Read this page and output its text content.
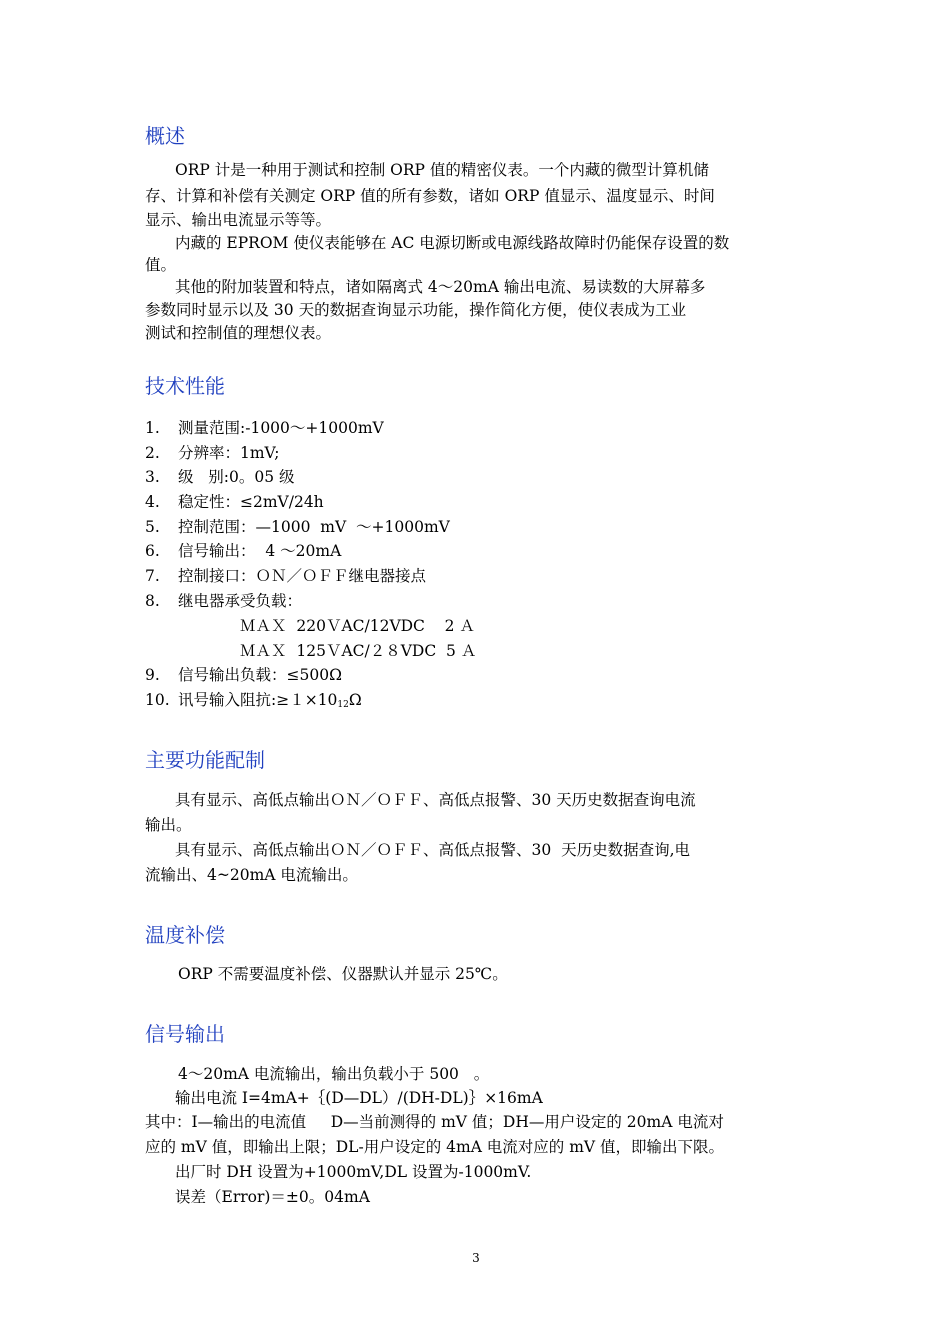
概述
ORP 计是一种用于测试和控制 ORP 值的精密仪表。一个内藏的微型计算机储
存、计算和补偿有关测定 ORP 值的所有参数，诸如 ORP 值显示、温度显示、时间
显示、输出电流显示等等。
内藏的 EPROM 使仪表能够在 AC 电源切断或电源线路故障时仍能保存设置的数
值。
其他的附加装置和特点，诸如隔离式 4～20mA 输出电流、易读数的大屏幕多
参数同时显示以及 30 天的数据查询显示功能，操作简化方便，使仪表成为工业
测试和控制值的理想仪表。
技术性能
1.	测量范围:-1000～+1000mV
2.	分辨率：1mV;
3.	级   别:0。05 级
4.	稳定性：≤2mV/24h
5.	控制范围：—1000  mV  ～+1000mV
6.	信号输出：  4 ～20mA
7.	控制接口：ＯＮ／ＯＦＦ继电器接点
8.	继电器承受负载：
ＭＡＸ  220ＶAC/12VDC    2 Ａ
ＭＡＸ  125ＶAC/２８VDC  5 Ａ
9.	信号输出负载：≤500Ω
10. 讯号输入阻抗$:\ge 1\times 10_{12}\Omega$
主要功能配制
具有显示、高低点输出ＯＮ／ＯＦＦ、高低点报警、30 天历史数据查询电流
输出。
具有显示、高低点输出ＯＮ／ＯＦＦ、高低点报警、30  天历史数据查询,电
流输出、4~20mA 电流输出。
温度补偿
ORP 不需要温度补偿、仪器默认并显示 25℃。
信号输出
4～20mA 电流输出，输出负载小于 500   。
输出电流 I=4mA+｛(D—DL）/(DH-DL)｝×16mA
其中：I—输出的电流值     D—当前测得的 mV 值；DH—用户设定的 20mA 电流对
应的 mV 值，即输出上限；DL-用户设定的 4mA 电流对应的 mV 值，即输出下限。
出厂时 DH 设置为+1000mV,DL 设置为-1000mV.
误差（Error)＝±0。04mA
3
